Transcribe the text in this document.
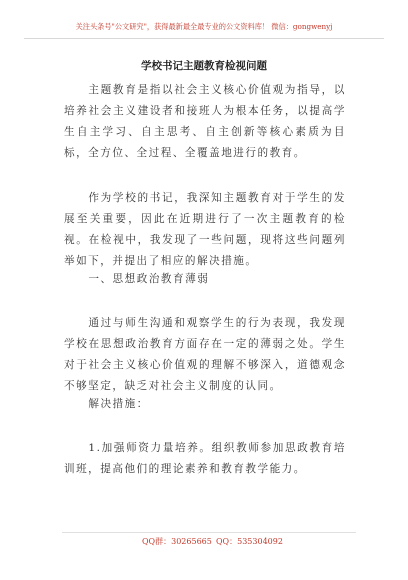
关注头条号"公文研究"，获得最新最全最专业的公文资料库！ 微信：gongwenyj
学校书记主题教育检视问题

主题教育是指以社会主义核心价值观为指导，以培养社会主义建设者和接班人为根本任务，以提高学生自主学习、自主思考、自主创新等核心素质为目标，全方位、全过程、全覆盖地进行的教育。

作为学校的书记，我深知主题教育对于学生的发展至关重要，因此在近期进行了一次主题教育的检视。在检视中，我发现了一些问题，现将这些问题列举如下，并提出了相应的解决措施。

一、思想政治教育薄弱

通过与师生沟通和观察学生的行为表现，我发现学校在思想政治教育方面存在一定的薄弱之处。学生对于社会主义核心价值观的理解不够深入，道德观念不够坚定，缺乏对社会主义制度的认同。

解决措施：

1.加强师资力量培养。组织教师参加思政教育培训班，提高他们的理论素养和教育教学能力。

QQ群：30265665 QQ：535304092
